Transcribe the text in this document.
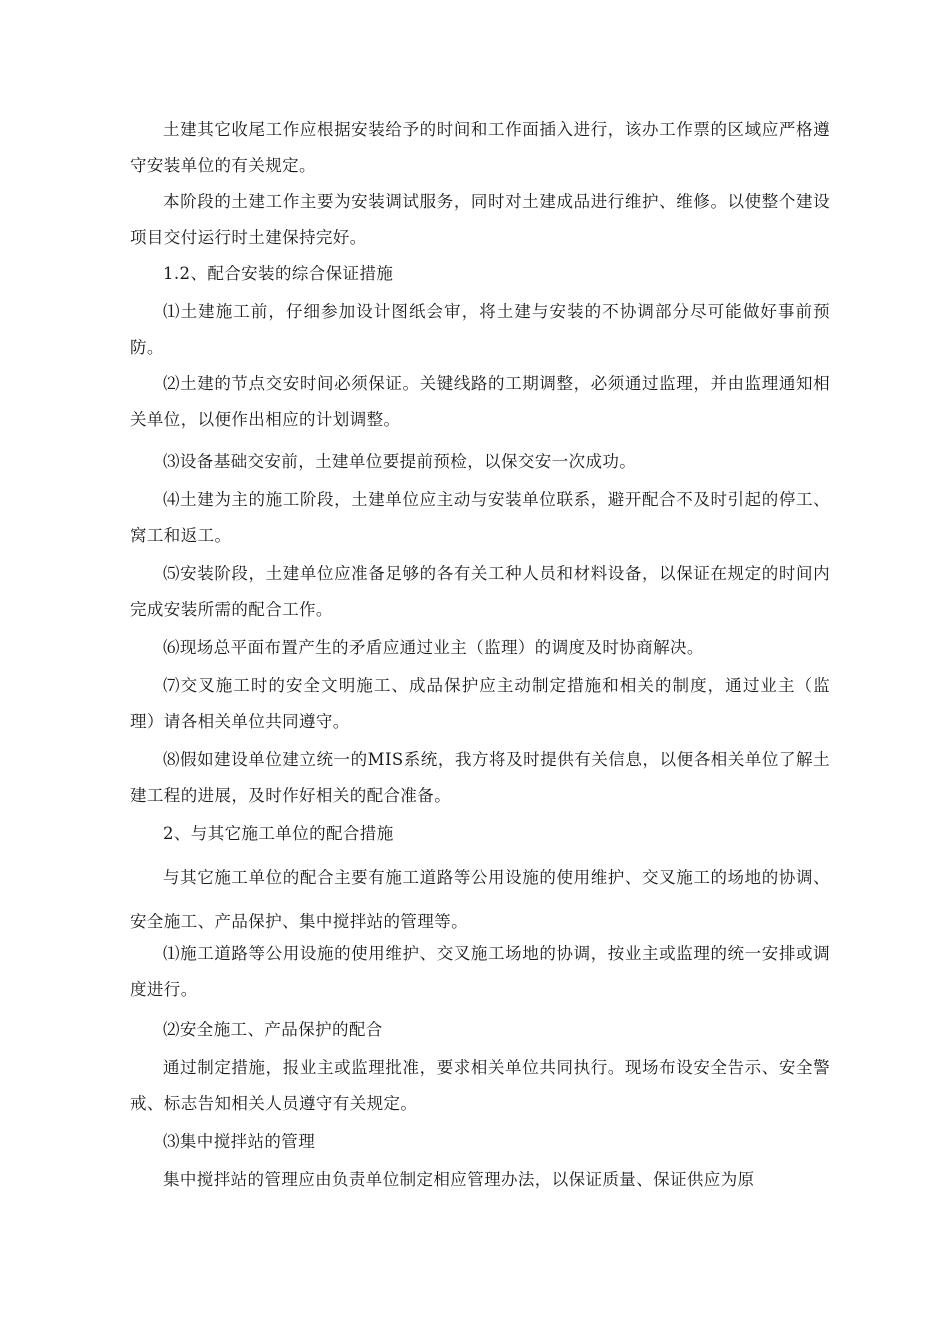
土建其它收尾工作应根据安装给予的时间和工作面插入进行，该办工作票的区域应严格遵守安装单位的有关规定。

本阶段的土建工作主要为安装调试服务，同时对土建成品进行维护、维修。以使整个建设项目交付运行时土建保持完好。

1.2、配合安装的综合保证措施

⑴土建施工前，仔细参加设计图纸会审，将土建与安装的不协调部分尽可能做好事前预防。

⑵土建的节点交安时间必须保证。关键线路的工期调整，必须通过监理，并由监理通知相关单位，以便作出相应的计划调整。

⑶设备基础交安前，土建单位要提前预检，以保交安一次成功。

⑷土建为主的施工阶段，土建单位应主动与安装单位联系，避开配合不及时引起的停工、窝工和返工。

⑸安装阶段，土建单位应准备足够的各有关工种人员和材料设备，以保证在规定的时间内完成安装所需的配合工作。

⑹现场总平面布置产生的矛盾应通过业主（监理）的调度及时协商解决。

⑺交叉施工时的安全文明施工、成品保护应主动制定措施和相关的制度，通过业主（监理）请各相关单位共同遵守。

⑻假如建设单位建立统一的MIS系统，我方将及时提供有关信息，以便各相关单位了解土建工程的进展，及时作好相关的配合准备。

2、与其它施工单位的配合措施

与其它施工单位的配合主要有施工道路等公用设施的使用维护、交叉施工的场地的协调、安全施工、产品保护、集中搅拌站的管理等。

⑴施工道路等公用设施的使用维护、交叉施工场地的协调，按业主或监理的统一安排或调度进行。

⑵安全施工、产品保护的配合

通过制定措施，报业主或监理批准，要求相关单位共同执行。现场布设安全告示、安全警戒、标志告知相关人员遵守有关规定。

⑶集中搅拌站的管理

集中搅拌站的管理应由负责单位制定相应管理办法，以保证质量、保证供应为原
